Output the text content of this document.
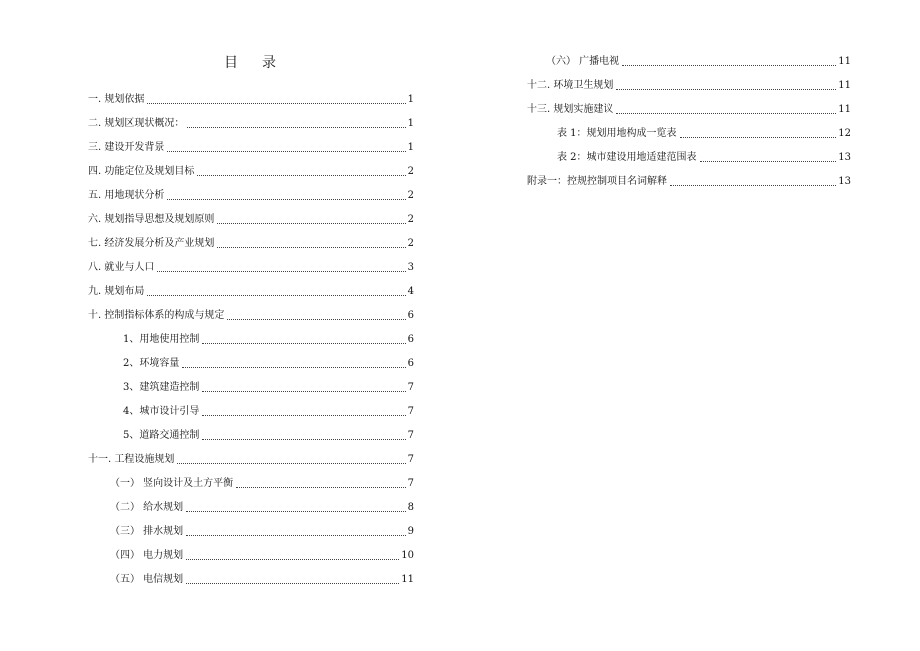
目 录
一. 规划依据	1
二. 规划区现状概况：	1
三. 建设开发背景	1
四. 功能定位及规划目标	2
五. 用地现状分析	2
六. 规划指导思想及规划原则	2
七. 经济发展分析及产业规划	2
八. 就业与人口	3
九. 规划布局	4
十. 控制指标体系的构成与规定	6
1、用地使用控制	6
2、环境容量	6
3、建筑建造控制	7
4、城市设计引导	7
5、道路交通控制	7
十一. 工程设施规划	7
（一） 竖向设计及土方平衡	7
（二） 给水规划	8
（三） 排水规划	9
（四） 电力规划	10
（五） 电信规划	11
（六） 广播电视	11
十二. 环境卫生规划	11
十三. 规划实施建议	11
表 1：规划用地构成一览表	12
表 2：城市建设用地适建范围表	13
附录一：控规控制项目名词解释	13
